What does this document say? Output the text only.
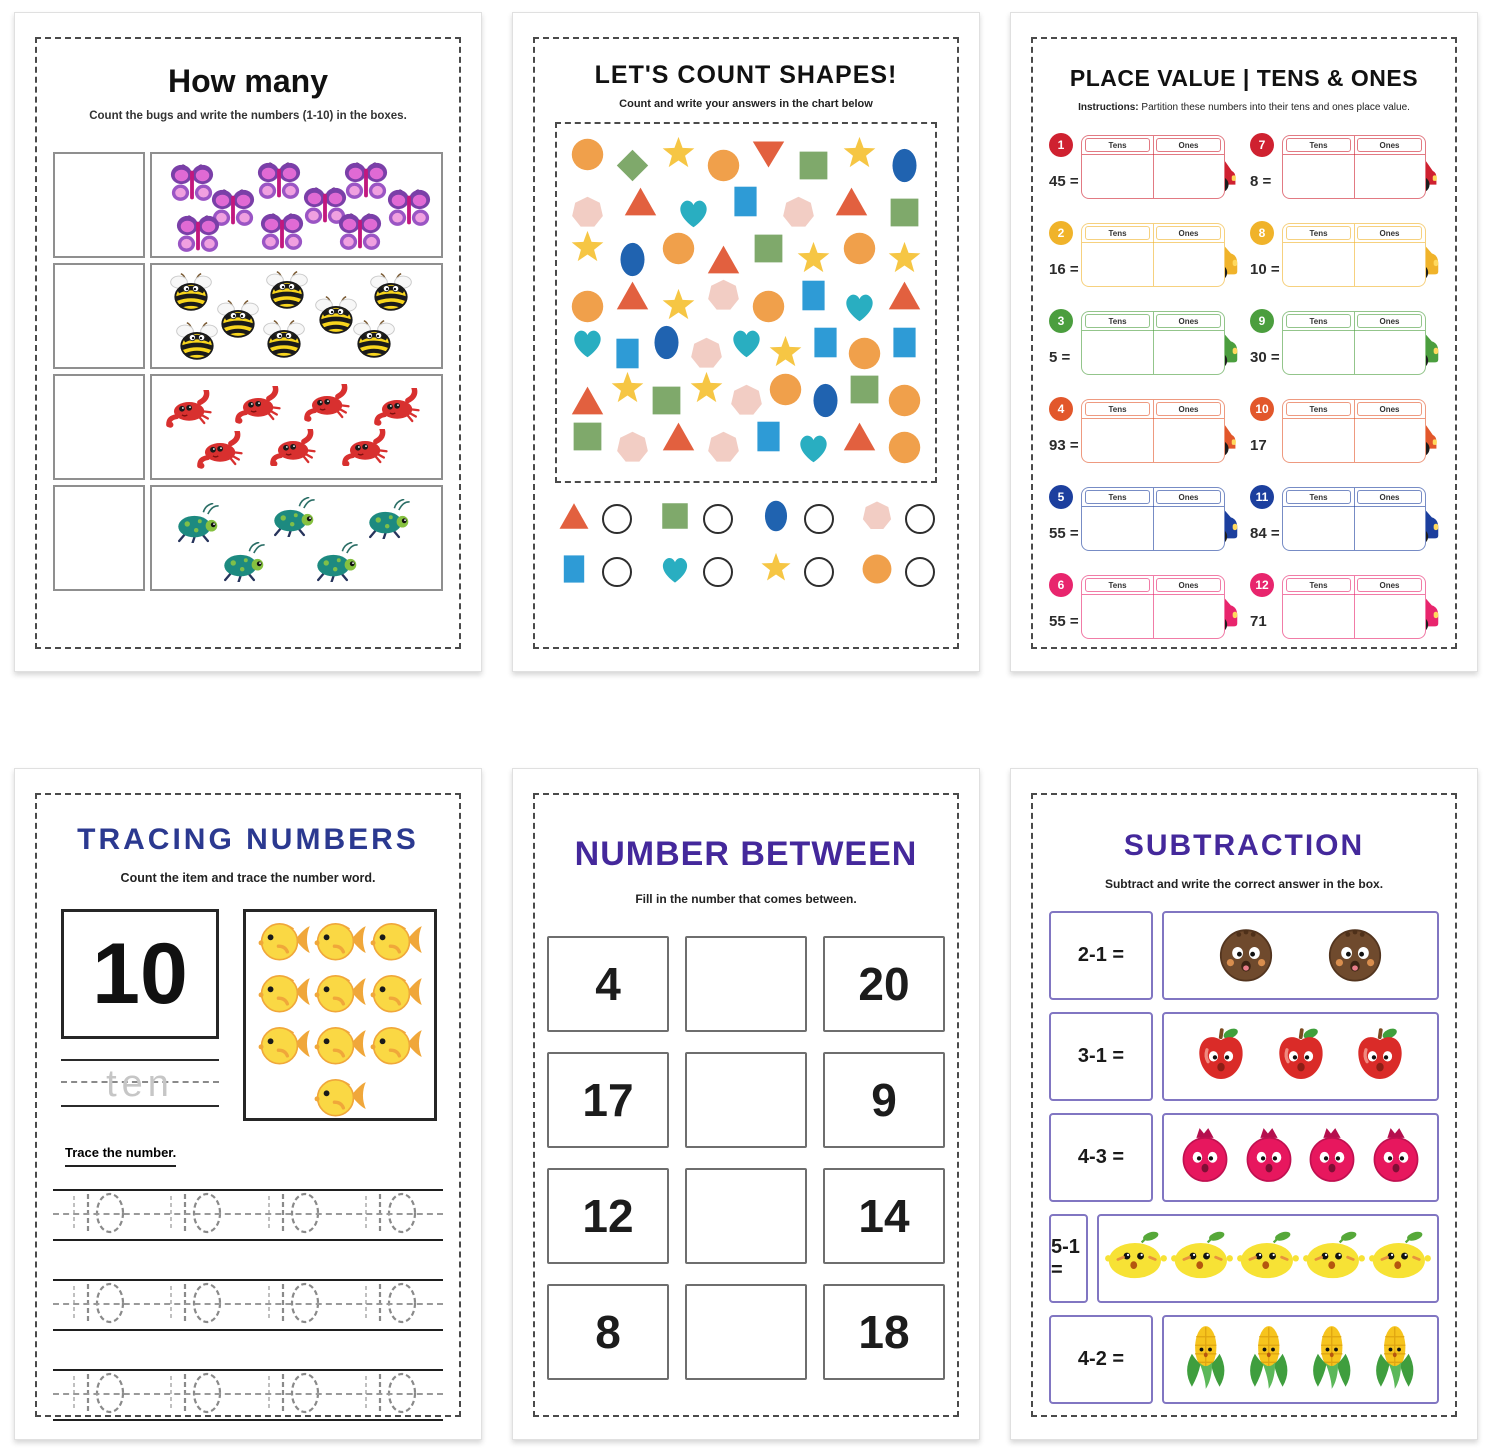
How many
Count the bugs and write the numbers (1-10) in the boxes.
LET'S COUNT SHAPES!
Count and write your answers in the chart below
PLACE VALUE | TENS & ONES
Instructions: Partition these numbers into their tens and ones place value.
Tens	Ones
1
45 =
Tens	Ones
2
16 =
Tens	Ones
3
5 =
Tens	Ones
4
93 =
Tens	Ones
5
55 =
Tens	Ones
6
55 =
Tens	Ones
7
8 =
Tens	Ones
8
10 =
Tens	Ones
9
30 =
Tens	Ones
10
17
Tens	Ones
11
84 =
Tens	Ones
12
71
TRACING NUMBERS
Count the item and trace the number word.
10
ten
Trace the number.
NUMBER BETWEEN
Fill in the number that comes between.
4	20
17	9
12	14
8	18
SUBTRACTION
Subtract and write the correct answer in the box.
2-1 =
3-1 =
4-3 =
5-1 =
4-2 =
